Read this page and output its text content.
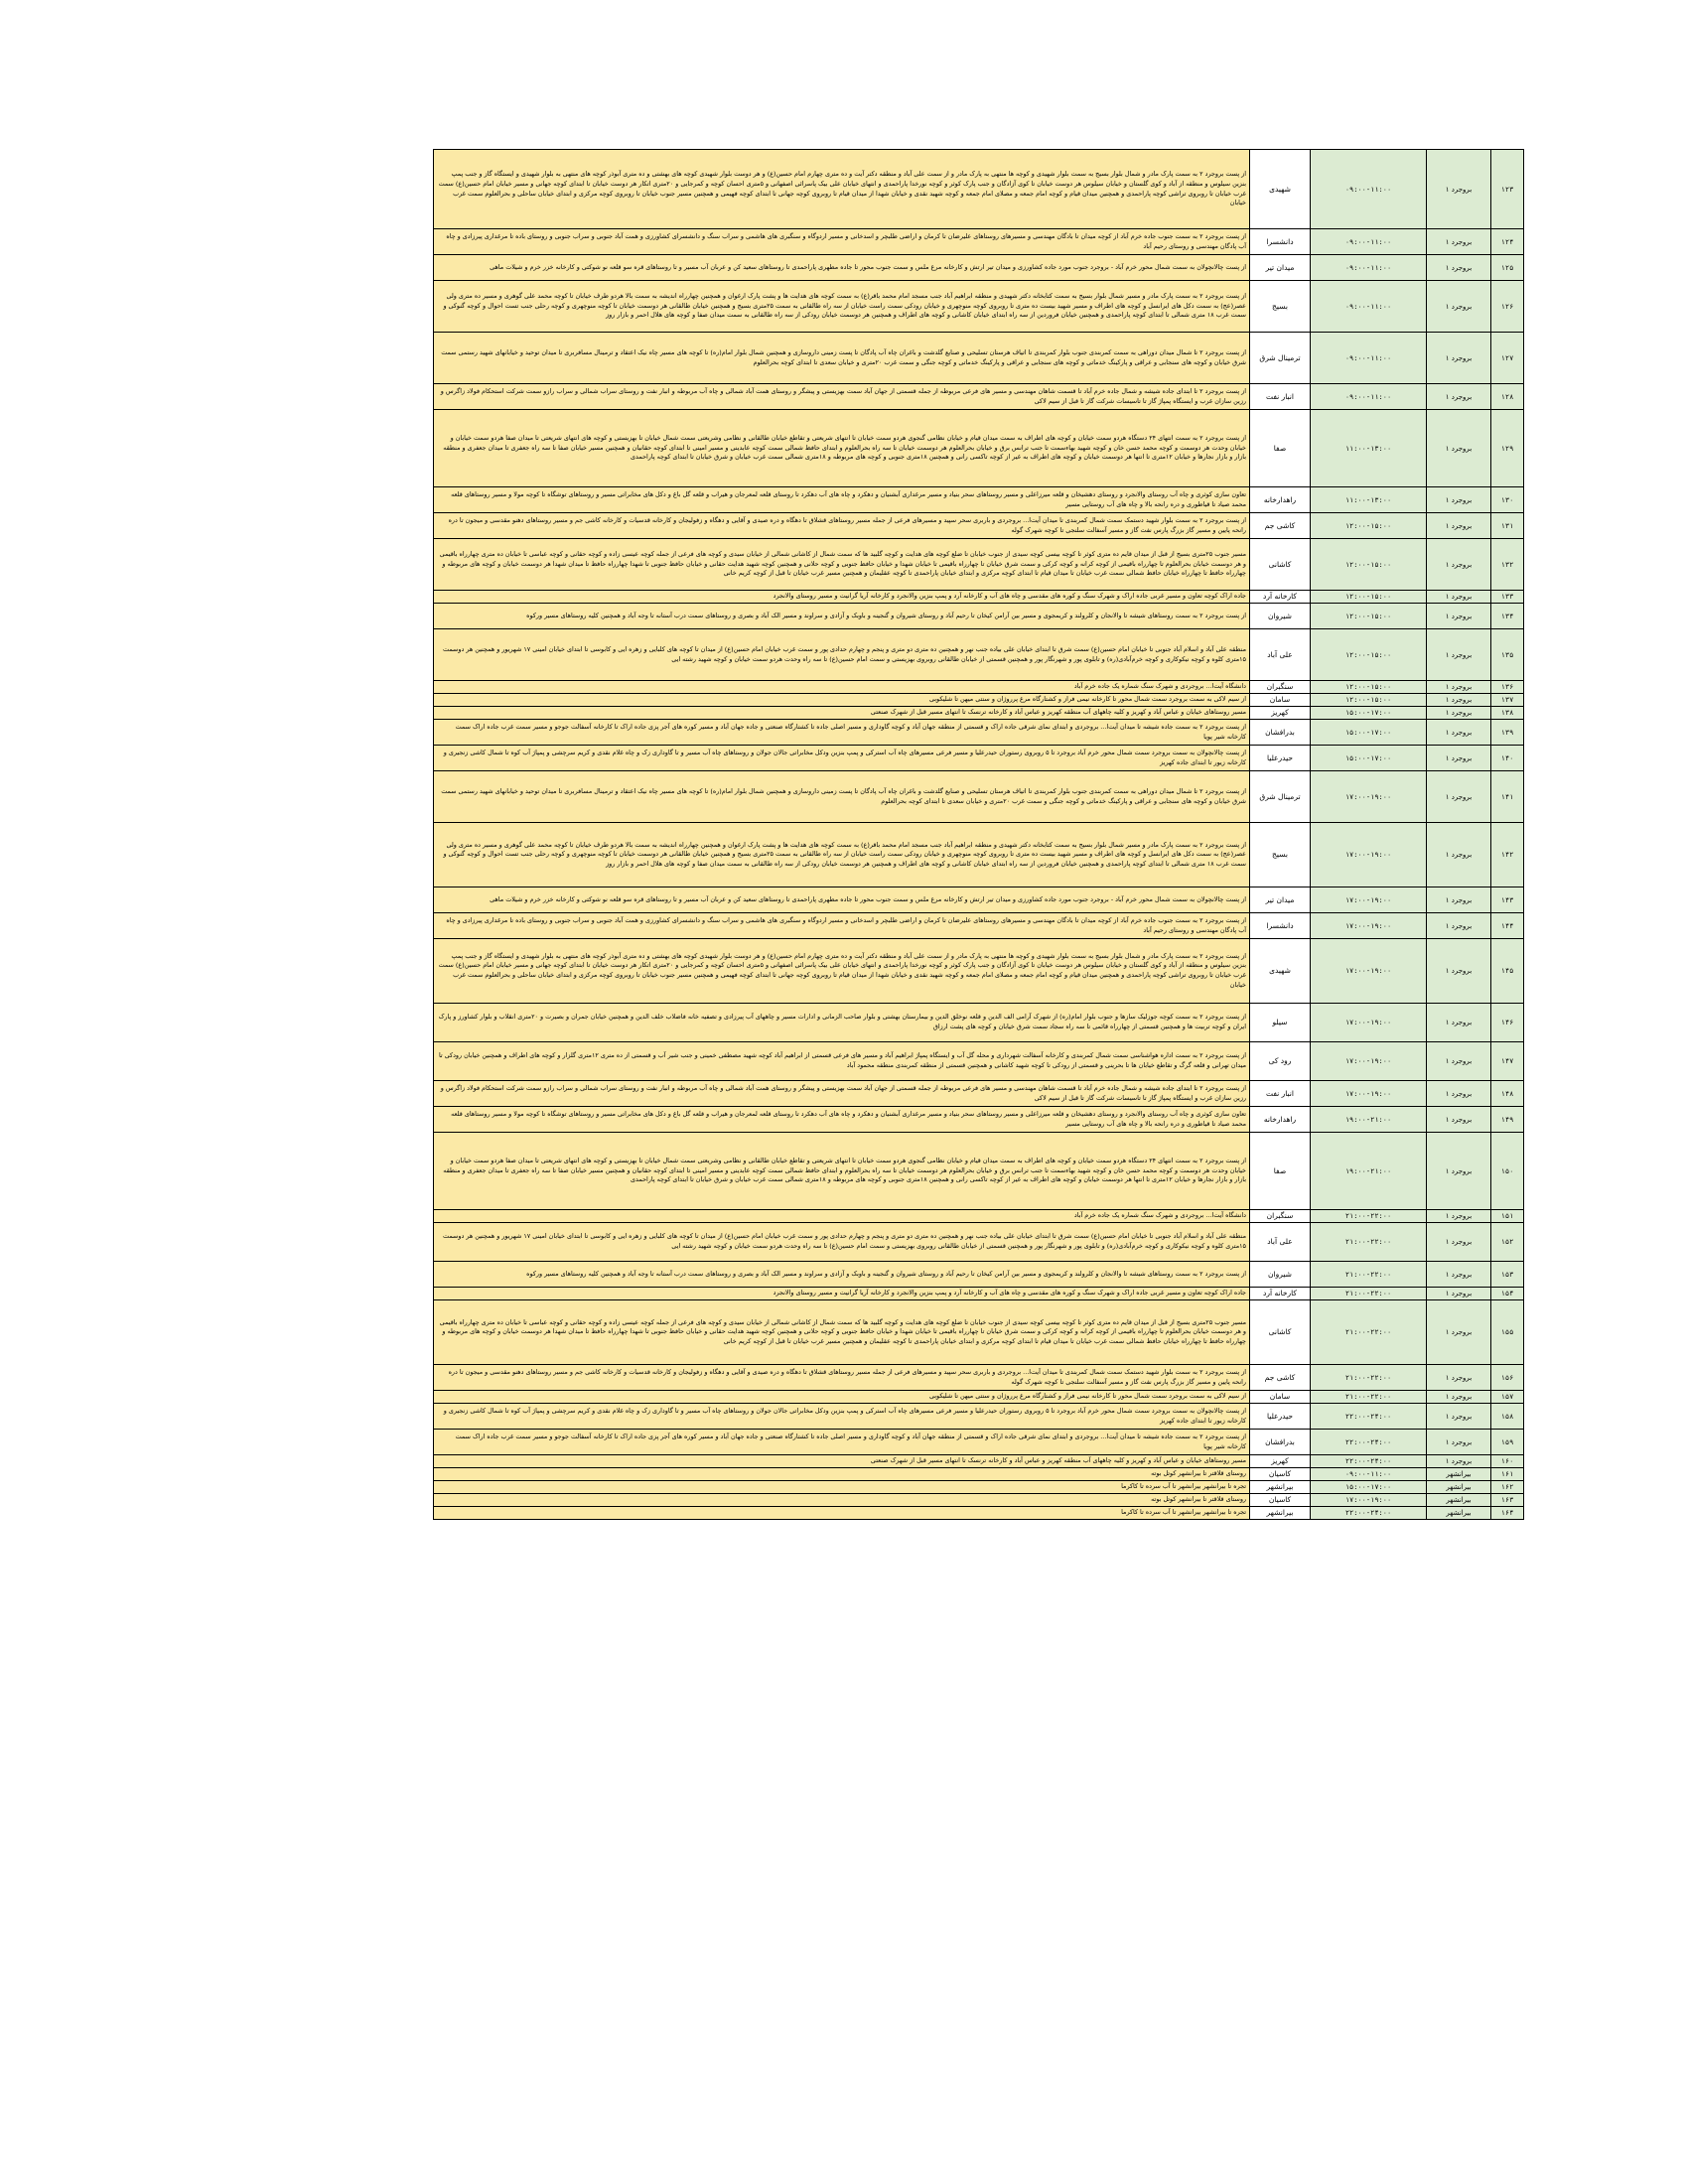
۱۲۳	بروجرد ۱	۰۹:۰۰-۱۱:۰۰	شهیدی	از پست بروجرد ۲ به سمت پارک مادر و شمال بلوار بسیج به سمت بلوار شهیدی و کوچه ها منتهی به پارک مادر و از سمت علی آباد و منطقه دکتر آیت و ده متری چهارم امام حسین(ع) و هر دوست بلوار شهیدی کوچه های بهشتی و ده متری آبوذر کوچه های منتهی به بلوار شهیدی و ایستگاه گاز و جنب پمپ بنزین سیلوس و منطقه از آباد و کوی گلستان و خیابان سیلوس هر دوست خیابان تا کوی آزادگان و جنب پارک کوثر و کوچه نورخدا پاراحمدی و انتهای خیابان علی بیک پاسرائی اصفهانی و ۵متری احسان کوچه و کمرجایی و ۲۰متری اتکار هر دوست خیابان تا ابتدای کوچه جهانی و مسیر خیابان امام حسین(ع) سمت غرب خیابان تا روبروی تراشی کوچه پاراحمدی و همچنین میدان قیام و کوچه امام جمعه و مصلای امام جمعه و کوچه شهید نقدی و خیابان شهدا از میدان قیام تا روبروی کوچه جهانی تا ابتدای کوچه فهیمی و همچنین مسیر جنوب خیابان تا روبروی کوچه مرکزی و ابتدای خیابان ساحلی و بحرالعلوم سمت غرب خیابان
۱۲۴	بروجرد ۱	۰۹:۰۰-۱۱:۰۰	دانشسرا	از پست بروجرد ۲ به سمت جنوب جاده خرم آباد از کوچه میدان تا بادگان مهندسی و مسیرهای روستاهای علیرضان تا کرمان و اراضی طلبچر و اسدخانی و مسیر اردوگاه و سنگبری های هاشمی و سراب سنگ و دانشسرای کشاورزی و همت آباد جنوبی و سراب جنوبی و روستای باده تا مرغداری پیرزادی و چاه آب پادگان مهندسی و روستای رحیم آباد
۱۲۵	بروجرد ۱	۰۹:۰۰-۱۱:۰۰	میدان تیر	از پست چالانچولان به سمت شمال محور خرم آباد - بروجرد جنوب مورد جاده کشاورزی و میدان تیر ارتش و کارخانه مرغ ملس و سمت جنوب محور تا جاده مطهری پاراحمدی تا روستاهای سعید کن و عربان آب مسیر و تا روستاهای قره سو قلعه نو شوکتی و کارخانه خزر خرم و شیلات ماهی
۱۲۶	بروجرد ۱	۰۹:۰۰-۱۱:۰۰	بسیج	از پست بروجرد ۲ به سمت پارک مادر و مسیر شمال بلوار بسیج به سمت کتابخانه دکتر شهیدی و منطقه ابراهیم آباد جنب مسجد امام محمد باقر(ع) به سمت کوچه های هدایت ها و پشت پارک ارغوان و همچنین چهارراه اندیشه به سمت بالا هردو طرف خیابان تا کوچه محمد علی گوهری و مسیر ده متری ولی عصر(عج) به سمت دکل های ایرانسل و کوچه های اطراف و مسیر شهید بیست ده متری تا روبروی کوچه منوچهری و خیابان رودکی سمت راست خیابان از سه راه طالقانی به سمت ۲۵متری بسیج و همچنین خیابان طالقانی هر دوسمت خیابان تا کوچه منوچهری و کوچه رحلی جنب تست احوال و کوچه گنوکی و سمت غرب ۱۸ متری شمالی تا ابتدای کوچه پاراحمدی و همچنین خیابان فروردین از سه راه ابتدای خیابان کاشانی و کوچه های اطراف و همچنین هر دوسمت خیابان رودکی از سه راه طالقانی به سمت میدان صفا و کوچه های هلال احمر و بازار روز
۱۲۷	بروجرد ۱	۰۹:۰۰-۱۱:۰۰	ترمینال شرق	از پست بروجرد ۲ تا شمال میدان دوراهی به سمت کمربندی جنوب بلوار کمربندی تا اتیاف هرستان تسلیحی و صنایع گلدشت و باغران چاه آب پادگان تا پست زمینی داروسازی و همچنین شمال بلوار امام(ره) تا کوچه های مسیر چاه نیک اعتقاد و ترمینال مسافربری تا میدان توحید و خیابانهای شهید رستمی سمت شرق خیابان و کوچه های سنجابی و عراقی و پارکینگ خدماتی و کوچه های سنجابی و عراقی و پارکینگ خدماتی و کوچه جنگی و سمت غرب ۲۰متری و خیابان سعدی تا ابتدای کوچه بحرالعلوم
۱۲۸	بروجرد ۱	۰۹:۰۰-۱۱:۰۰	انبار نفت	از پست بروجرد ۲ تا ابتدای جاده شیشه و شمال جاده خرم آباد تا قسمت شاهان مهندسی و مسیر های فرعی مربوطه از جمله قسمتی از جهان آباد سمت بهزیستی و پیشگر و روستای همت آباد شمالی و چاه آب مربوطه و انبار نفت و روستای سراب شمالی و سراب رازو سمت شرکت استحکام فولاد زاگرس و رزین سازان غرب و ایستگاه پمپاژ گاز تا تاسیسات شرکت گاز تا قبل از سیم لاکی
۱۲۹	بروجرد ۱	۱۱:۰۰-۱۳:۰۰	صفا	از پست بروجرد ۲ به سمت انتهای ۲۴ دستگاه هردو سمت خیابان و کوچه های اطراف به سمت میدان قیام و خیابان نظامی گنجوی هردو سمت خیابان تا انتهای شریعتی و تقاطع خیابان طالقانی و نظامی وشریعتی سمت شمال خیابان تا بهزیستی و کوچه های انتهای شریعتی تا میدان صفا هردو سمت خیابان و خیابان وحدت هر دوسمت و کوچه محمد حسن خان و کوچه شهید بهاءسمت تا جنب ترانس برق و خیابان بحرالعلوم هر دوسمت خیابان تا سه راه بحرالعلوم و ابتدای حافظ شمالی سمت کوچه عابدینی و مسیر امینی تا ابتدای کوچه حقانیان و همچنین مسیر خیابان صفا تا سه راه جعفری تا میدان جعفری و منطقه بازار و بازار نجارها و خیابان ۱۲متری تا انتها هر دوسمت خیابان و کوچه های اطراف به غیر از کوچه تاکسی رانی و همچنین ۱۸متری جنوبی و کوچه های مربوطه و ۱۸متری شمالی سمت غرب خیابان و شرق خیابان تا ابتدای کوچه پاراحمدی
۱۳۰	بروجرد ۱	۱۱:۰۰-۱۳:۰۰	راهدارخانه	تعاون سازی کوثری و چاه آب روستای والانجرد و روستای دهشیخان و قلعه میرزاعلی و مسیر روستاهای سحر بنیاد و مسیر مرغداری آبشنیان و دهکرد و چاه های آب دهکرد تا روستای قلعه لمعرجان و هیراب و قلعه گل باغ و دکل های مخابراتی مسیر و روستاهای توشگاه تا کوچه مولا و مسیر روستاهای قلعه محمد صیاد تا قیاطوری و دره رانحه بالا و چاه های آب روستایی مسیر
۱۳۱	بروجرد ۱	۱۲:۰۰-۱۵:۰۰	کاشی جم	از پست بروجرد ۲ به سمت بلوار شهید دستمک سمت شمال کمربندی تا میدان آیت‌ا... بروجردی و باربری سحر سپید و مسیرهای فرعی از جمله مسیر روستاهای قشلاق تا دهگاه و دره صیدی و آقایی و دهگاه و زفولیجان و کارخانه قدسیات و کارخانه کاشی جم و مسیر روستاهای دهنو مقدسی و میجون تا دره رانحه پایین و مسیر گاز بزرگ پارس نفت گاز و مسیر آسفالت سلنجی تا کوچه شهرک گوله
۱۳۲	بروجرد ۱	۱۲:۰۰-۱۵:۰۰	کاشانی	مسیر جنوب ۲۵متری بسیج از قبل از میدان قایم ده متری کوثر تا کوچه بیسی کوچه سیدی از جنوب خیابان تا ضلع کوچه های هدایت و کوچه گلبید ها که سمت شمال از کاشانی شمالی از خیابان سیدی و کوچه های فرعی از جمله کوچه عیسی زاده و کوچه حقانی و کوچه عباسی تا خیابان ده متری چهارراه باقیمی و هر دوسمت خیابان بحرالعلوم تا چهارراه باقیمی از کوچه کرانه و کوچه کرکی و سمت شرق خیابان تا چهارراه باقیمی تا خیابان شهدا و خیابان حافظ جنوبی و کوچه حلانی و همچنین کوچه شهید هدایت حقانی و خیابان حافظ جنوبی تا شهدا چهارراه حافظ تا میدان شهدا هر دوسمت خیابان و کوچه های مربوطه و چهارراه حافظ تا چهارراه خیابان حافظ شمالی سمت غرب خیابان تا میدان قیام تا ابتدای کوچه مرکزی و ابتدای خیابان پاراحمدی تا کوچه عقلیمان و همچنین مسیر غرب خیابان تا قبل از کوچه کریم خانی
۱۳۳	بروجرد ۱	۱۲:۰۰-۱۵:۰۰	کارخانه آرد	جاده اراک کوچه تعاون و مسیر غربی جاده اراک و شهرک سنگ و کوره های مقدسی و چاه های آب و کارخانه آرد و پمپ بنزین والانجرد و کارخانه آریا گرانیت و مسیر روستای والانجرد
۱۳۴	بروجرد ۱	۱۲:۰۰-۱۵:۰۰	شیروان	از پست بروجرد ۲ به سمت روستاهای شیشه تا والانجان و کلرولند و کریمجوی و مسیر بین آرامن کیخان تا رحیم آباد و روستای شیروان و گنجینه و باوبک و آزادی و سراوند و مسیر الک آباد و بصری و روستاهای سمت درب آستانه تا وجه آباد و همچنین کلیه روستاهای مسیر ورکوه
۱۳۵	بروجرد ۱	۱۲:۰۰-۱۵:۰۰	علی آباد	منطقه علی آباد و اسلام آباد جنوبی تا خیابان امام حسین(ع) سمت شرق تا ابتدای خیابان علی بیاده جنب نهر و همچنین ده متری دو متری و پنجم و چهارم حدادی پور و سمت غرب خیابان امام حسین(ع) از میدان تا کوچه های کلبایی و زهره ایی و کابوسی تا ابتدای خیابان امینی ۱۷ شهریور و همچنین هر دوسمت ۱۵متری کلوه و کوچه نیکوکاری و کوچه خرم‌آبادی(ره) و تابلوی پور و شهرنگار پور و همچنین قسمتی از خیابان طالقانی روبروی بهزیستی و سمت امام حسین(ع) تا سه راه وحدت هردو سمت خیابان و کوچه شهید رشته ایی
۱۳۶	بروجرد ۱	۱۲:۰۰-۱۵:۰۰	سنگبران	دانشگاه آیت‌ا... بروجردی و شهرک سنگ شماره یک جاده خرم آباد
۱۳۷	بروجرد ۱	۱۲:۰۰-۱۵:۰۰	سامان	از سیم لاکی به سمت بروجرد سمت شمال محور تا کارخانه نیمی فراز و کشتارگاه مرغ پرروژان و سنتی میهن تا شلیکوبی
۱۳۸	بروجرد ۱	۱۵:۰۰-۱۷:۰۰	کهریز	مسیر روستاهای خیابان و عباس آباد و کهریز و کلیه چاههای آب منطقه کهریز و عباس آباد و کارخانه ترنسک تا انتهای مسیر قبل از شهرک صنعتی
۱۳۹	بروجرد ۱	۱۵:۰۰-۱۷:۰۰	بدرافشان	از پست بروجرد ۲ به سمت جاده شیشه تا میدان آیت‌ا... بروجردی و ابتدای نمای شرقی جاده اراک و قسمتی از منطقه جهان آباد و کوچه گاوداری و مسیر اصلی جاده تا کشتارگاه صنعتی و جاده جهان آباد و مسیر کوره های آجر پزی جاده اراک تا کارخانه آسفالت جوجو و مسیر سمت غرب جاده اراک سمت کارخانه شیر پویا
۱۴۰	بروجرد ۱	۱۵:۰۰-۱۷:۰۰	حیدرعلیا	از پست چالانچولان به سمت بروجرد سمت شمال محور خرم آباد بروجرد تا ۵ روبروی رستوران حیدرعلیا و مسیر فرعی مسیرهای چاه آب استرکی و پمپ بنزین ودکل مخابراتی جالان جولان و روستاهای چاه آب مسیر و تا گاوداری زک و چاه غلام نقدی و کریم سرچشی و پمپاژ آب کوه تا شمال کاشی زنجیری و کارخانه زیور تا ابتدای جاده کهریز
۱۴۱	بروجرد ۱	۱۷:۰۰-۱۹:۰۰	ترمینال شرق	از پست بروجرد ۲ تا شمال میدان دوراهی به سمت کمربندی جنوب بلوار کمربندی تا اتیاف هرستان تسلیحی و صنایع گلدشت و باغران چاه آب پادگان تا پست زمینی داروسازی و همچنین شمال بلوار امام(ره) تا کوچه های مسیر چاه نیک اعتقاد و ترمینال مسافربری تا میدان توحید و خیابانهای شهید رستمی سمت شرق خیابان و کوچه های سنجابی و عراقی و پارکینگ خدماتی و کوچه جنگی و سمت غرب ۲۰متری و خیابان سعدی تا ابتدای کوچه بحرالعلوم
۱۴۲	بروجرد ۱	۱۷:۰۰-۱۹:۰۰	بسیج	از پست بروجرد ۲ به سمت پارک مادر و مسیر شمال بلوار بسیج به سمت کتابخانه دکتر شهیدی و منطقه ابراهیم آباد جنب مسجد امام محمد باقر(ع) به سمت کوچه های هدایت ها و پشت پارک ارغوان و همچنین چهارراه اندیشه به سمت بالا هردو طرف خیابان تا کوچه محمد علی گوهری و مسیر ده متری ولی عصر(عج) به سمت دکل های ایرانسل و کوچه های اطراف و مسیر شهید بیست ده متری تا روبروی کوچه منوچهری و خیابان رودکی سمت راست خیابان از سه راه طالقانی به سمت ۲۵متری بسیج و همچنین خیابان طالقانی هر دوسمت خیابان تا کوچه منوچهری و کوچه رحلی جنب تست احوال و کوچه گنوکی و سمت غرب ۱۸ متری شمالی تا ابتدای کوچه پاراحمدی و همچنین خیابان فروردین از سه راه ابتدای خیابان کاشانی و کوچه های اطراف و همچنین هر دوسمت خیابان رودکی از سه راه طالقانی به سمت میدان صفا و کوچه های هلال احمر و بازار روز
۱۴۳	بروجرد ۱	۱۷:۰۰-۱۹:۰۰	میدان تیر	از پست چالانچولان به سمت شمال محور خرم آباد - بروجرد جنوب مورد جاده کشاورزی و میدان تیر ارتش و کارخانه مرغ ملس و سمت جنوب محور تا جاده مطهری پاراحمدی تا روستاهای سعید کن و عربان آب مسیر و تا روستاهای قره سو قلعه نو شوکتی و کارخانه خزر خرم و شیلات ماهی
۱۴۴	بروجرد ۱	۱۷:۰۰-۱۹:۰۰	دانشسرا	از پست بروجرد ۲ به سمت جنوب جاده خرم آباد از کوچه میدان تا بادگان مهندسی و مسیرهای روستاهای علیرضان تا کرمان و اراضی طلبچر و اسدخانی و مسیر اردوگاه و سنگبری های هاشمی و سراب سنگ و دانشسرای کشاورزی و همت آباد جنوبی و سراب جنوبی و روستای باده تا مرغداری پیرزادی و چاه آب پادگان مهندسی و روستای رحیم آباد
۱۴۵	بروجرد ۱	۱۷:۰۰-۱۹:۰۰	شهیدی	از پست بروجرد ۲ به سمت پارک مادر و شمال بلوار بسیج به سمت بلوار شهیدی و کوچه ها منتهی به پارک مادر و از سمت علی آباد و منطقه دکتر آیت و ده متری چهارم امام حسین(ع) و هر دوست بلوار شهیدی کوچه های بهشتی و ده متری آبوذر کوچه های منتهی به بلوار شهیدی و ایستگاه گاز و جنب پمپ بنزین سیلوس و منطقه از آباد و کوی گلستان و خیابان سیلوس هر دوست خیابان تا کوی آزادگان و جنب پارک کوثر و کوچه نورخدا پاراحمدی و انتهای خیابان علی بیک پاسرائی اصفهانی و ۵متری احسان کوچه و کمرجایی و ۲۰متری اتکار هر دوست خیابان تا ابتدای کوچه جهانی و مسیر خیابان امام حسین(ع) سمت غرب خیابان تا روبروی تراشی کوچه پاراحمدی و همچنین میدان قیام و کوچه امام جمعه و مصلای امام جمعه و کوچه شهید نقدی و خیابان شهدا از میدان قیام تا روبروی کوچه جهانی تا ابتدای کوچه فهیمی و همچنین مسیر جنوب خیابان تا روبروی کوچه مرکزی و ابتدای خیابان ساحلی و بحرالعلوم سمت غرب خیابان
۱۴۶	بروجرد ۱	۱۷:۰۰-۱۹:۰۰	سیلو	از پست بروجرد ۲ به سمت کوچه جوزلیک سازها و جنوب بلوار امام(ره) از شهرک آرامی الف الدین و قلعه نوخلق الدین و بیمارستان بهشتی و بلوار صاحب الزمانی و ادارات مسیر و چاههای آب پیرزادی و تصفیه خانه فاضلاب خلف الدین و همچنین خیابان جمران و بصیرت و ۲۰متری انقلاب و بلوار کشاورز و پارک ایران و کوچه تربیت ها و همچنین قسمتی از چهارراه قائمی تا سه راه سجاد سمت شرق خیابان و کوچه های پشت ارزاق
۱۴۷	بروجرد ۱	۱۷:۰۰-۱۹:۰۰	رود کی	از پست بروجرد ۲ به سمت اداره هواشناسی سمت شمال کمربندی و کارخانه آسفالت شهرداری و محله گل آب و ایستگاه پمپاژ ابراهیم آباد و مسیر های فرعی قسمتی از ابراهیم آباد کوچه شهید مصطفی خمینی و جنب شیر آب و قسمتی از ده متری ۱۲متری گلزار و کوچه های اطراف و همچنین خیابان رودکی تا میدان تهرانی و قلعه گرگ و تقاطع خیابان ها تا بحرینی و قسمتی از رودکی تا کوچه شهید کاشانی و همچنین قسمتی از منطقه کمربندی منطقه محمود آباد
۱۴۸	بروجرد ۱	۱۷:۰۰-۱۹:۰۰	انبار نفت	از پست بروجرد ۲ تا ابتدای جاده شیشه و شمال جاده خرم آباد تا قسمت شاهان مهندسی و مسیر های فرعی مربوطه از جمله قسمتی از جهان آباد سمت بهزیستی و پیشگر و روستای همت آباد شمالی و چاه آب مربوطه و انبار نفت و روستای سراب شمالی و سراب رازو سمت شرکت استحکام فولاد زاگرس و رزین سازان غرب و ایستگاه پمپاژ گاز تا تاسیسات شرکت گاز تا قبل از سیم لاکی
۱۴۹	بروجرد ۱	۱۹:۰۰-۲۱:۰۰	راهدارخانه	تعاون سازی کوثری و چاه آب روستای والانجرد و روستای دهشیخان و قلعه میرزاعلی و مسیر روستاهای سحر بنیاد و مسیر مرغداری آبشنیان و دهکرد و چاه های آب دهکرد تا روستای قلعه لمعرجان و هیراب و قلعه گل باغ و دکل های مخابراتی مسیر و روستاهای توشگاه تا کوچه مولا و مسیر روستاهای قلعه محمد صیاد تا قیاطوری و دره رانحه بالا و چاه های آب روستایی مسیر
۱۵۰	بروجرد ۱	۱۹:۰۰-۲۱:۰۰	صفا	از پست بروجرد ۲ به سمت انتهای ۲۴ دستگاه هردو سمت خیابان و کوچه های اطراف به سمت میدان قیام و خیابان نظامی گنجوی هردو سمت خیابان تا انتهای شریعتی و تقاطع خیابان طالقانی و نظامی وشریعتی سمت شمال خیابان تا بهزیستی و کوچه های انتهای شریعتی تا میدان صفا هردو سمت خیابان و خیابان وحدت هر دوسمت و کوچه محمد حسن خان و کوچه شهید بهاءسمت تا جنب ترانس برق و خیابان بحرالعلوم هر دوسمت خیابان تا سه راه بحرالعلوم و ابتدای حافظ شمالی سمت کوچه عابدینی و مسیر امینی تا ابتدای کوچه حقانیان و همچنین مسیر خیابان صفا تا سه راه جعفری تا میدان جعفری و منطقه بازار و بازار نجارها و خیابان ۱۲متری تا انتها هر دوسمت خیابان و کوچه های اطراف به غیر از کوچه تاکسی رانی و همچنین ۱۸متری جنوبی و کوچه های مربوطه و ۱۸متری شمالی سمت غرب خیابان و شرق خیابان تا ابتدای کوچه پاراحمدی
۱۵۱	بروجرد ۱	۲۱:۰۰-۲۲:۰۰	سنگبران	دانشگاه آیت‌ا... بروجردی و شهرک سنگ شماره یک جاده خرم آباد
۱۵۲	بروجرد ۱	۲۱:۰۰-۲۲:۰۰	علی آباد	منطقه علی آباد و اسلام آباد جنوبی تا خیابان امام حسین(ع) سمت شرق تا ابتدای خیابان علی بیاده جنب نهر و همچنین ده متری دو متری و پنجم و چهارم حدادی پور و سمت غرب خیابان امام حسین(ع) از میدان تا کوچه های کلبایی و زهره ایی و کابوسی تا ابتدای خیابان امینی ۱۷ شهریور و همچنین هر دوسمت ۱۵متری کلوه و کوچه نیکوکاری و کوچه خرم‌آبادی(ره) و تابلوی پور و شهرنگار پور و همچنین قسمتی از خیابان طالقانی روبروی بهزیستی و سمت امام حسین(ع) تا سه راه وحدت هردو سمت خیابان و کوچه شهید رشته ایی
۱۵۳	بروجرد ۱	۲۱:۰۰-۲۲:۰۰	شیروان	از پست بروجرد ۲ به سمت روستاهای شیشه تا والانجان و کلرولند و کریمجوی و مسیر بین آرامن کیخان تا رحیم آباد و روستای شیروان و گنجینه و باوبک و آزادی و سراوند و مسیر الک آباد و بصری و روستاهای سمت درب آستانه تا وجه آباد و همچنین کلیه روستاهای مسیر ورکوه
۱۵۴	بروجرد ۱	۲۱:۰۰-۲۲:۰۰	کارخانه آرد	جاده اراک کوچه تعاون و مسیر غربی جاده اراک و شهرک سنگ و کوره های مقدسی و چاه های آب و کارخانه آرد و پمپ بنزین والانجرد و کارخانه آریا گرانیت و مسیر روستای والانجرد
۱۵۵	بروجرد ۱	۲۱:۰۰-۲۲:۰۰	کاشانی	مسیر جنوب ۲۵متری بسیج از قبل از میدان قایم ده متری کوثر تا کوچه بیسی کوچه سیدی از جنوب خیابان تا ضلع کوچه های هدایت و کوچه گلبید ها که سمت شمال از کاشانی شمالی از خیابان سیدی و کوچه های فرعی از جمله کوچه عیسی زاده و کوچه حقانی و کوچه عباسی تا خیابان ده متری چهارراه باقیمی و هر دوسمت خیابان بحرالعلوم تا چهارراه باقیمی از کوچه کرانه و کوچه کرکی و سمت شرق خیابان تا چهارراه باقیمی تا خیابان شهدا و خیابان حافظ جنوبی و کوچه حلانی و همچنین کوچه شهید هدایت حقانی و خیابان حافظ جنوبی تا شهدا چهارراه حافظ تا میدان شهدا هر دوسمت خیابان و کوچه های مربوطه و چهارراه حافظ تا چهارراه خیابان حافظ شمالی سمت غرب خیابان تا میدان قیام تا ابتدای کوچه مرکزی و ابتدای خیابان پاراحمدی تا کوچه عقلیمان و همچنین مسیر غرب خیابان تا قبل از کوچه کریم خانی
۱۵۶	بروجرد ۱	۲۱:۰۰-۲۲:۰۰	کاشی جم	از پست بروجرد ۲ به سمت بلوار شهید دستمک سمت شمال کمربندی تا میدان آیت‌ا... بروجردی و باربری سحر سپید و مسیرهای فرعی از جمله مسیر روستاهای قشلاق تا دهگاه و دره صیدی و آقایی و دهگاه و زفولیجان و کارخانه قدسیات و کارخانه کاشی جم و مسیر روستاهای دهنو مقدسی و میجون تا دره رانحه پایین و مسیر گاز بزرگ پارس نفت گاز و مسیر آسفالت سلنجی تا کوچه شهرک گوله
۱۵۷	بروجرد ۱	۲۱:۰۰-۲۲:۰۰	سامان	از سیم لاکی به سمت بروجرد سمت شمال محور تا کارخانه نیمی فراز و کشتارگاه مرغ پرروژان و سنتی میهن تا شلیکوبی
۱۵۸	بروجرد ۱	۲۲:۰۰-۲۴:۰۰	حیدرعلیا	از پست چالانچولان به سمت بروجرد سمت شمال محور خرم آباد بروجرد تا ۵ روبروی رستوران حیدرعلیا و مسیر فرعی مسیرهای چاه آب استرکی و پمپ بنزین ودکل مخابراتی جالان جولان و روستاهای چاه آب مسیر و تا گاوداری زک و چاه غلام نقدی و کریم سرچشی و پمپاژ آب کوه تا شمال کاشی زنجیری و کارخانه زیور تا ابتدای جاده کهریز
۱۵۹	بروجرد ۱	۲۲:۰۰-۲۴:۰۰	بدرافشان	از پست بروجرد ۲ به سمت جاده شیشه تا میدان آیت‌ا... بروجردی و ابتدای نمای شرقی جاده اراک و قسمتی از منطقه جهان آباد و کوچه گاوداری و مسیر اصلی جاده تا کشتارگاه صنعتی و جاده جهان آباد و مسیر کوره های آجر پزی جاده اراک تا کارخانه آسفالت جوجو و مسیر سمت غرب جاده اراک سمت کارخانه شیر پویا
۱۶۰	بروجرد ۱	۲۲:۰۰-۲۴:۰۰	کهریز	مسیر روستاهای خیابان و عباس آباد و کهریز و کلیه چاههای آب منطقه کهریز و عباس آباد و کارخانه ترنسک تا انتهای مسیر قبل از شهرک صنعتی
۱۶۱	بیرانشهر	۰۹:۰۰-۱۱:۰۰	کاسیان	روستای قلاقتر تا بیرانشهر کوتل بوته
۱۶۲	بیرانشهر	۱۵:۰۰-۱۷:۰۰	بیرانشهر	تجره تا بیرانشهر بیرانشهر تا آب سرده تا کاکرما
۱۶۳	بیرانشهر	۱۷:۰۰-۱۹:۰۰	کاسیان	روستای قلاقتر تا بیرانشهر کوتل بوته
۱۶۴	بیرانشهر	۲۲:۰۰-۲۴:۰۰	بیرانشهر	تجره تا بیرانشهر بیرانشهر تا آب سرده تا کاکرما
